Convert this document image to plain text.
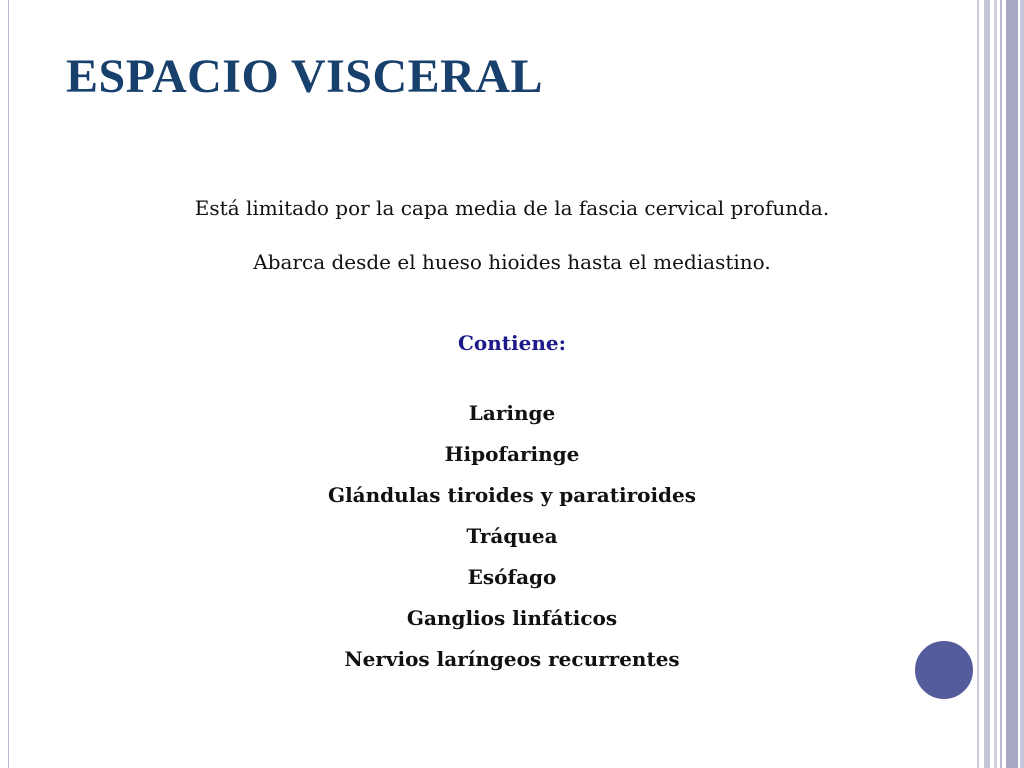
ESPACIO VISCERAL
Está limitado por la capa media de la fascia cervical profunda.
Abarca desde el hueso hioides hasta el mediastino.
Contiene:
Laringe
Hipofaringe
Glándulas tiroides y paratiroides
Tráquea
Esófago
Ganglios linfáticos
Nervios laríngeos recurrentes
